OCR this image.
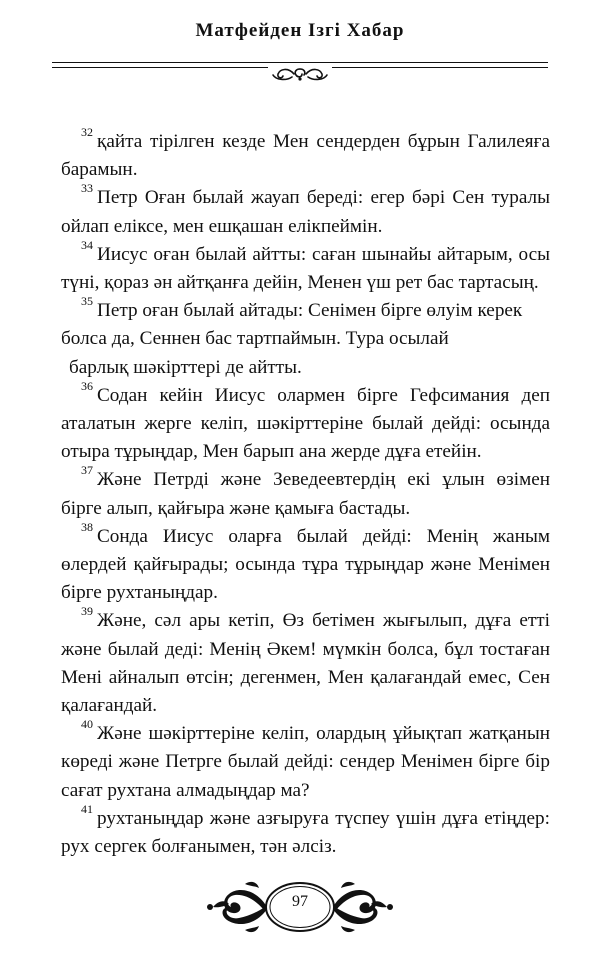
Матфейден Ізгі Хабар

$^{32}$ қайта тірілген кезде Мен сендерден бұрын Галилеяға барамын.

$^{33}$ Петр Оған былай жауап береді: егер бәрі Сен туралы ойлап еліксе, мен ешқашан елікпеймін.

$^{34}$ Иисус оған былай айтты: саған шынайы айтарым, осы түні, қораз ән айтқанға дейін, Менен үш рет бас тартасың.

$^{35}$ Петр оған былай айтады: Сенімен бірге өлуім керек болса да, Сеннен бас тартпаймын. Тура осылай
барлық шәкірттері де айтты.

$^{36}$ Содан кейін Иисус олармен бірге Гефсимания деп аталатын жерге келіп, шәкірттеріне былай дейді: осында отыра тұрыңдар, Мен барып ана жерде дұға етейін.

$^{37}$ Және Петрді және Зеведеевтердің екі ұлын өзімен бірге алып, қайғыра және қамыға бастады.

$^{38}$ Сонда Иисус оларға былай дейді: Менің жаным өлердей қайғырады; осында тұра тұрыңдар және Менімен бірге рухтаныңдар.

$^{39}$ Және, сәл ары кетіп, Өз бетімен жығылып, дұға етті және былай деді: Менің Әкем! мүмкін болса, бұл тостаған Мені айналып өтсін; дегенмен, Мен қалағандай емес, Сен қалағандай.

$^{40}$ Және шәкірттеріне келіп, олардың ұйықтап жатқанын көреді және Петрге былай дейді: сендер Менімен бірге бір сағат рухтана алмадыңдар ма?

$^{41}$ рухтаныңдар және азғыруға түспеу үшін дұға етіңдер: рух сергек болғанымен, тән әлсіз.

97
